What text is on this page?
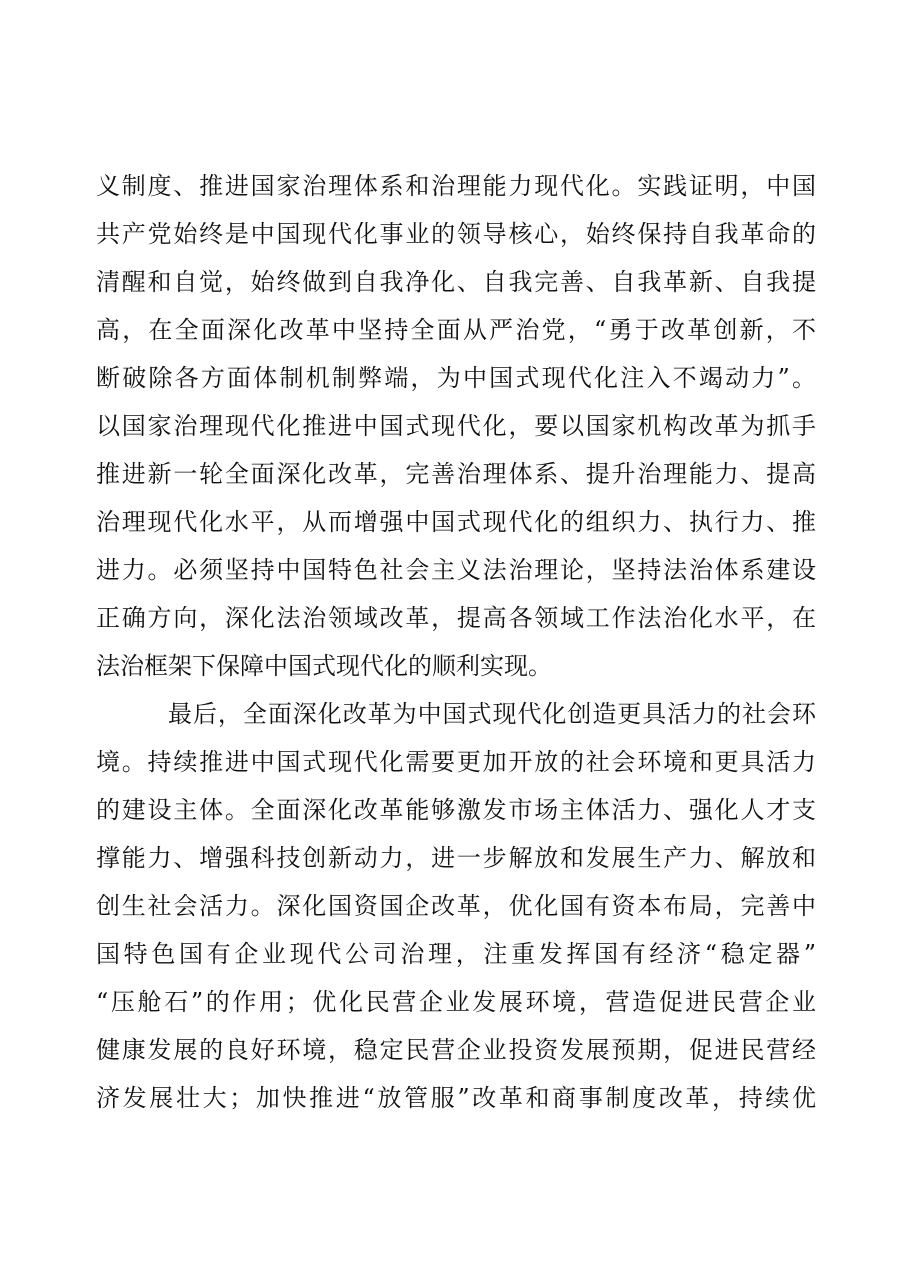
义制度、推进国家治理体系和治理能力现代化。实践证明，中国
共产党始终是中国现代化事业的领导核心，始终保持自我革命的
清醒和自觉，始终做到自我净化、自我完善、自我革新、自我提
高，在全面深化改革中坚持全面从严治党，“勇于改革创新，不
断破除各方面体制机制弊端，为中国式现代化注入不竭动力”。
以国家治理现代化推进中国式现代化，要以国家机构改革为抓手
推进新一轮全面深化改革，完善治理体系、提升治理能力、提高
治理现代化水平，从而增强中国式现代化的组织力、执行力、推
进力。必须坚持中国特色社会主义法治理论，坚持法治体系建设
正确方向，深化法治领域改革，提高各领域工作法治化水平，在
法治框架下保障中国式现代化的顺利实现。
最后，全面深化改革为中国式现代化创造更具活力的社会环
境。持续推进中国式现代化需要更加开放的社会环境和更具活力
的建设主体。全面深化改革能够激发市场主体活力、强化人才支
撑能力、增强科技创新动力，进一步解放和发展生产力、解放和
创生社会活力。深化国资国企改革，优化国有资本布局，完善中
国特色国有企业现代公司治理，注重发挥国有经济“稳定器”
“压舱石”的作用；优化民营企业发展环境，营造促进民营企业
健康发展的良好环境，稳定民营企业投资发展预期，促进民营经
济发展壮大；加快推进“放管服”改革和商事制度改革，持续优
